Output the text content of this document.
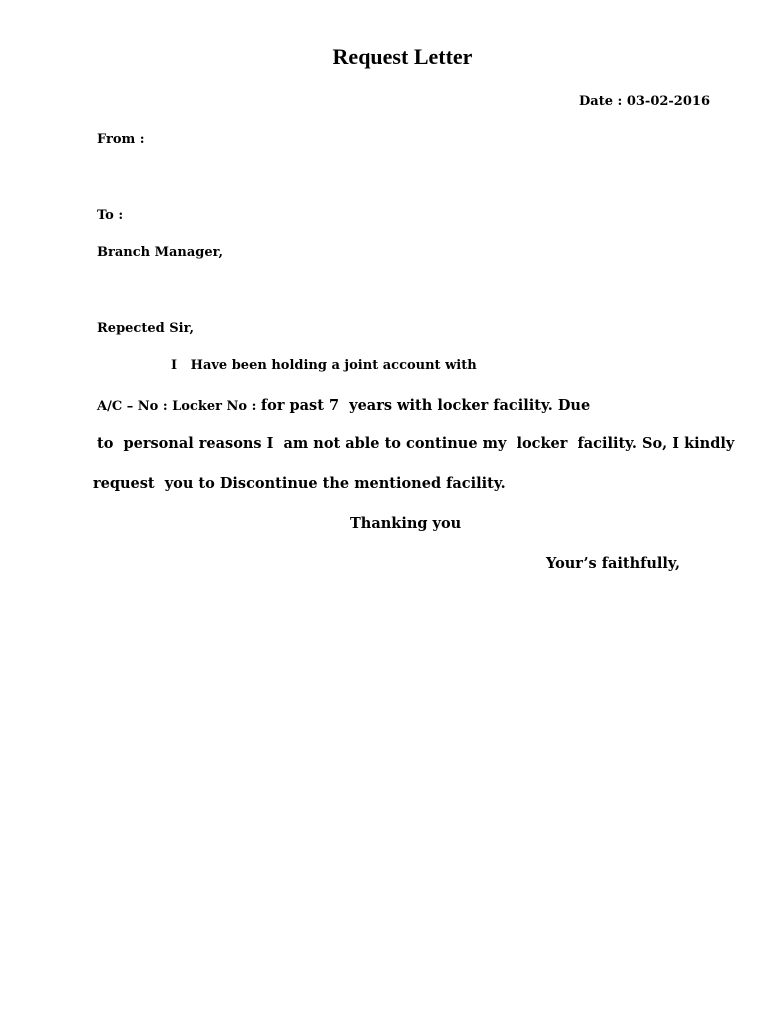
Request Letter

Date : 03-02-2016

From :

To :

Branch Manager,

Repected Sir,

I   Have been holding a joint account with

A/C – No : Locker No : for past 7  years with locker facility. Due

to  personal reasons I  am not able to continue my  locker  facility. So, I kindly

request  you to Discontinue the mentioned facility.

Thanking you

Your’s faithfully,
